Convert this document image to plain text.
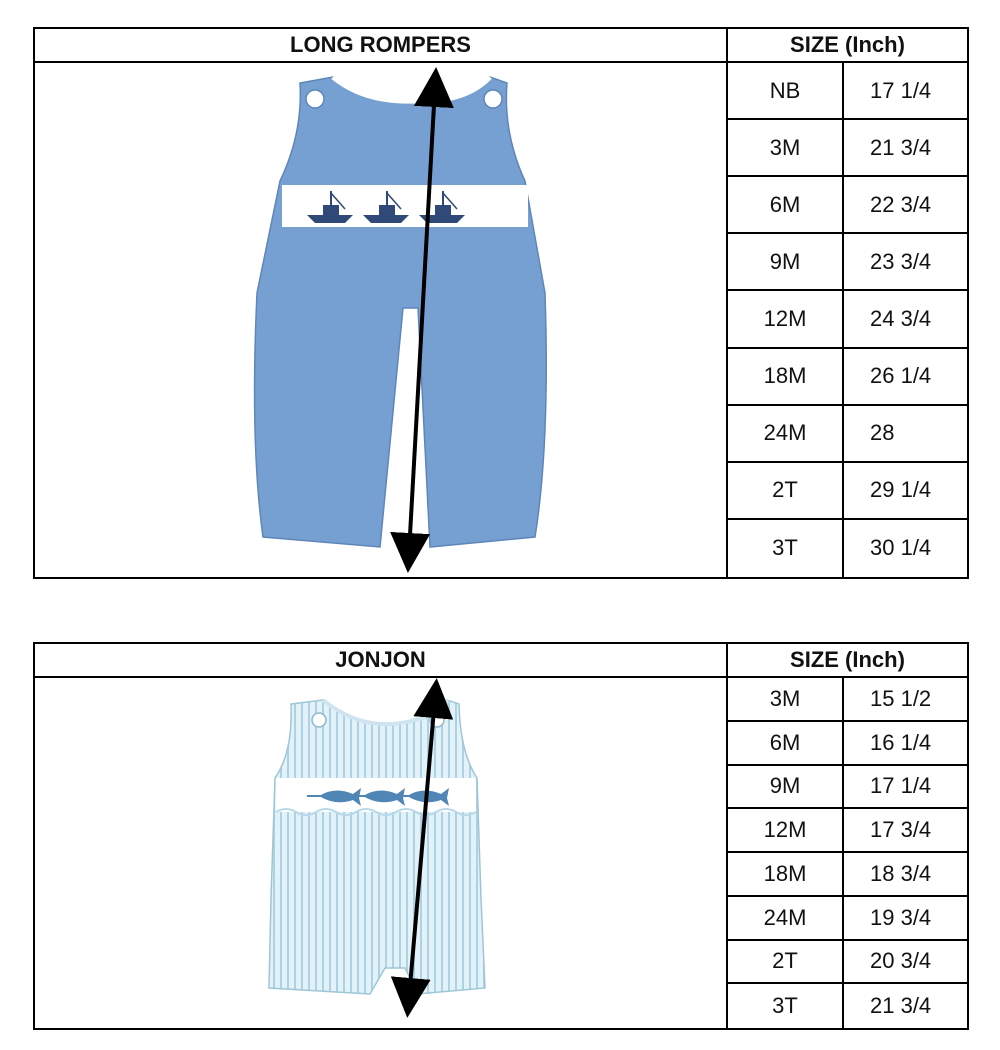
LONG ROMPERS	SIZE (Inch)
NB	17 1/4
3M	21 3/4
6M	22 3/4
9M	23 3/4
12M	24 3/4
18M	26 1/4
24M	28
2T	29 1/4
3T	30 1/4
JONJON	SIZE (Inch)
3M	15 1/2
6M	16 1/4
9M	17 1/4
12M	17 3/4
18M	18 3/4
24M	19 3/4
2T	20 3/4
3T	21 3/4
